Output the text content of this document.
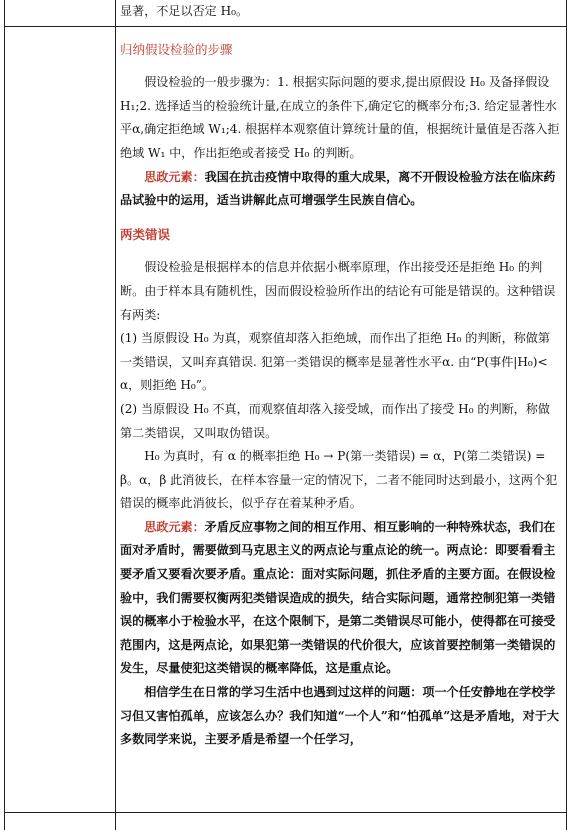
显著，不足以否定 H₀。

归纳假设检验的步骤

假设检验的一般步骤为：1. 根据实际问题的要求,提出原假设 H₀ 及备择假设 H₁;2. 选择适当的检验统计量,在成立的条件下,确定它的概率分布;3. 给定显著性水平α,确定拒绝域 W₁;4. 根据样本观察值计算统计量的值，根据统计量值是否落入拒绝域 W₁ 中，作出拒绝或者接受 H₀ 的判断。

思政元素：我国在抗击疫情中取得的重大成果，离不开假设检验方法在临床药品试验中的运用，适当讲解此点可增强学生民族自信心。

两类错误

假设检验是根据样本的信息并依据小概率原理，作出接受还是拒绝 H₀ 的判断。由于样本具有随机性，因而假设检验所作出的结论有可能是错误的。这种错误有两类:

(1) 当原假设 H₀ 为真，观察值却落入拒绝域，而作出了拒绝 H₀ 的判断，称做第一类错误，又叫弃真错误. 犯第一类错误的概率是显著性水平α. 由“P(事件|H₀)< α，则拒绝 H₀”。

(2) 当原假设 H₀ 不真，而观察值却落入接受域，而作出了接受 H₀ 的判断，称做第二类错误，又叫取伪错误。

H₀ 为真时，有 α 的概率拒绝 H₀ → P(第一类错误) = α，P(第二类错误) = β。α，β 此消彼长，在样本容量一定的情况下，二者不能同时达到最小，这两个犯错误的概率此消彼长，似乎存在着某种矛盾。

思政元素：矛盾反应事物之间的相互作用、相互影响的一种特殊状态，我们在面对矛盾时，需要做到马克思主义的两点论与重点论的统一。两点论：即要看看主要矛盾又要看次要矛盾。重点论：面对实际问题，抓住矛盾的主要方面。在假设检验中，我们需要权衡两犯类错误造成的损失，结合实际问题，通常控制犯第一类错误的概率小于检验水平，在这个限制下，是第二类错误尽可能小，使得都在可接受范围内，这是两点论，如果犯第一类错误的代价很大，应该首要控制第一类错误的发生，尽量使犯这类错误的概率降低，这是重点论。

相信学生在日常的学习生活中也遇到过这样的问题：项一个任安静地在学校学习但又害怕孤单，应该怎么办？我们知道“一个人”和“怕孤单”这是矛盾地，对于大多数同学来说，主要矛盾是希望一个任学习，
